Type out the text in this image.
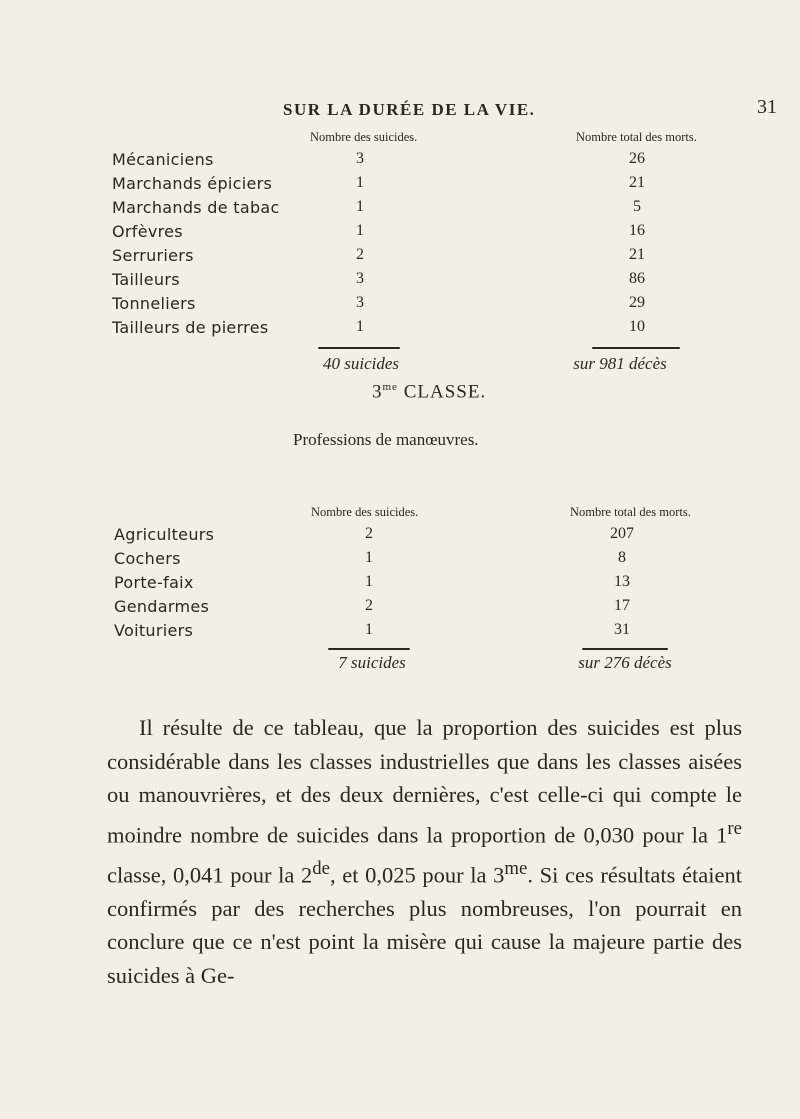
SUR LA DURÉE DE LA VIE.	31
Nombre des suicides.	Nombre total des morts.
Mécaniciens	3	26
Marchands épiciers	1	21
Marchands de tabac	1	5
Orfèvres	1	16
Serruriers	2	21
Tailleurs	3	86
Tonneliers	3	29
Tailleurs de pierres	1	10
40 suicides	sur 981 décès
$3^{me}$ CLASSE.
Professions de manœuvres.
Nombre des suicides.	Nombre total des morts.
Agriculteurs	2	207
Cochers	1	8
Porte-faix	1	13
Gendarmes	2	17
Voituriers	1	31
7 suicides	sur 276 décès

Il résulte de ce tableau, que la proportion des suicides est plus considérable dans les classes industrielles que dans les classes aisées ou manouvrières, et des deux dernières, c'est celle-ci qui compte le moindre nombre de suicides dans la proportion de 0,030 pour la 1re classe, 0,041 pour la 2de, et 0,025 pour la $3^{me}$. Si ces résultats étaient confirmés par des recherches plus nombreuses, l'on pourrait en conclure que ce n'est point la misère qui cause la majeure partie des suicides à Ge-
